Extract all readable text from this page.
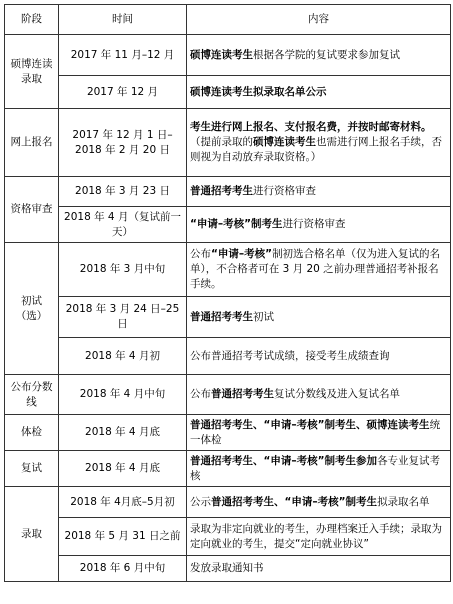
阶段	时间	内容
硕博连读录取	2017 年 11 月–12 月	硕博连读考生根据各学院的复试要求参加复试
	2017 年 12 月	硕博连读考生拟录取名单公示
网上报名	2017 年 12 月 1 日–2018 年 2 月 20 日	考生进行网上报名、支付报名费，并按时邮寄材料。（提前录取的硕博连读考生也需进行网上报名手续，否则视为自动放弃录取资格。）
资格审查	2018 年 3 月 23 日	普通招考考生进行资格审查
	2018 年 4 月（复试前一天）	“申请–考核”制考生进行资格审查
初试（选）	2018 年 3 月中旬	公布“申请–考核”制初选合格名单（仅为进入复试的名单），不合格者可在 3 月 20 之前办理普通招考补报名手续。
	2018 年 3 月 24 日–25 日	普通招考考生初试
	2018 年 4 月初	公布普通招考考试成绩，接受考生成绩查询
公布分数线	2018 年 4 月中旬	公布普通招考考生复试分数线及进入复试名单
体检	2018 年 4 月底	普通招考考生、“申请–考核”制考生、硕博连读考生统一体检
复试	2018 年 4 月底	普通招考考生、“申请–考核”制考生参加各专业复试考核
录取	2018 年 4月底–5月初	公示普通招考考生、“申请–考核”制考生拟录取名单
	2018 年 5 月 31 日之前	录取为非定向就业的考生，办理档案迁入手续；录取为定向就业的考生，提交“定向就业协议”
	2018 年 6 月中旬	发放录取通知书
